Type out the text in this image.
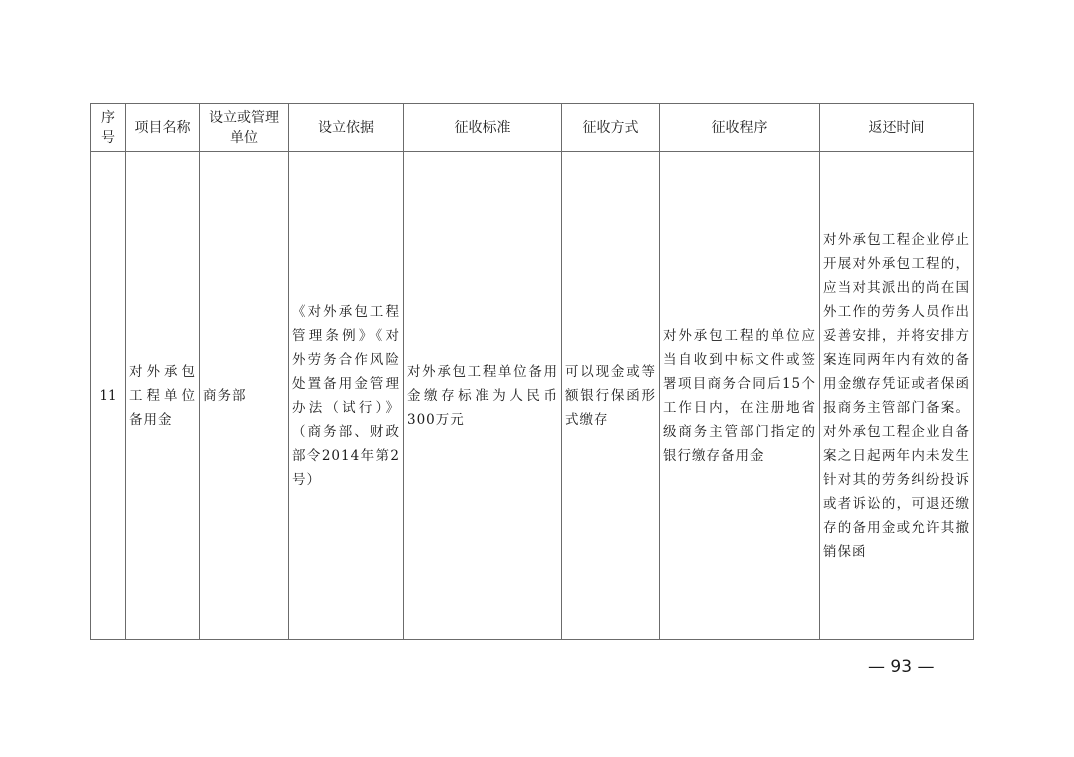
序号	项目名称	设立或管理单位	设立依据	征收标准	征收方式	征收程序	返还时间
11	对外承包工程单位备用金	商务部	《对外承包工程管理条例》《对外劳务合作风险处置备用金管理办法（试行）》（商务部、财政部令2014年第2号）	对外承包工程单位备用金缴存标准为人民币300万元	可以现金或等额银行保函形式缴存	对外承包工程的单位应当自收到中标文件或签署项目商务合同后15个工作日内，在注册地省级商务主管部门指定的银行缴存备用金	对外承包工程企业停止开展对外承包工程的，应当对其派出的尚在国外工作的劳务人员作出妥善安排，并将安排方案连同两年内有效的备用金缴存凭证或者保函报商务主管部门备案。对外承包工程企业自备案之日起两年内未发生针对其的劳务纠纷投诉或者诉讼的，可退还缴存的备用金或允许其撤销保函
— 93 —
